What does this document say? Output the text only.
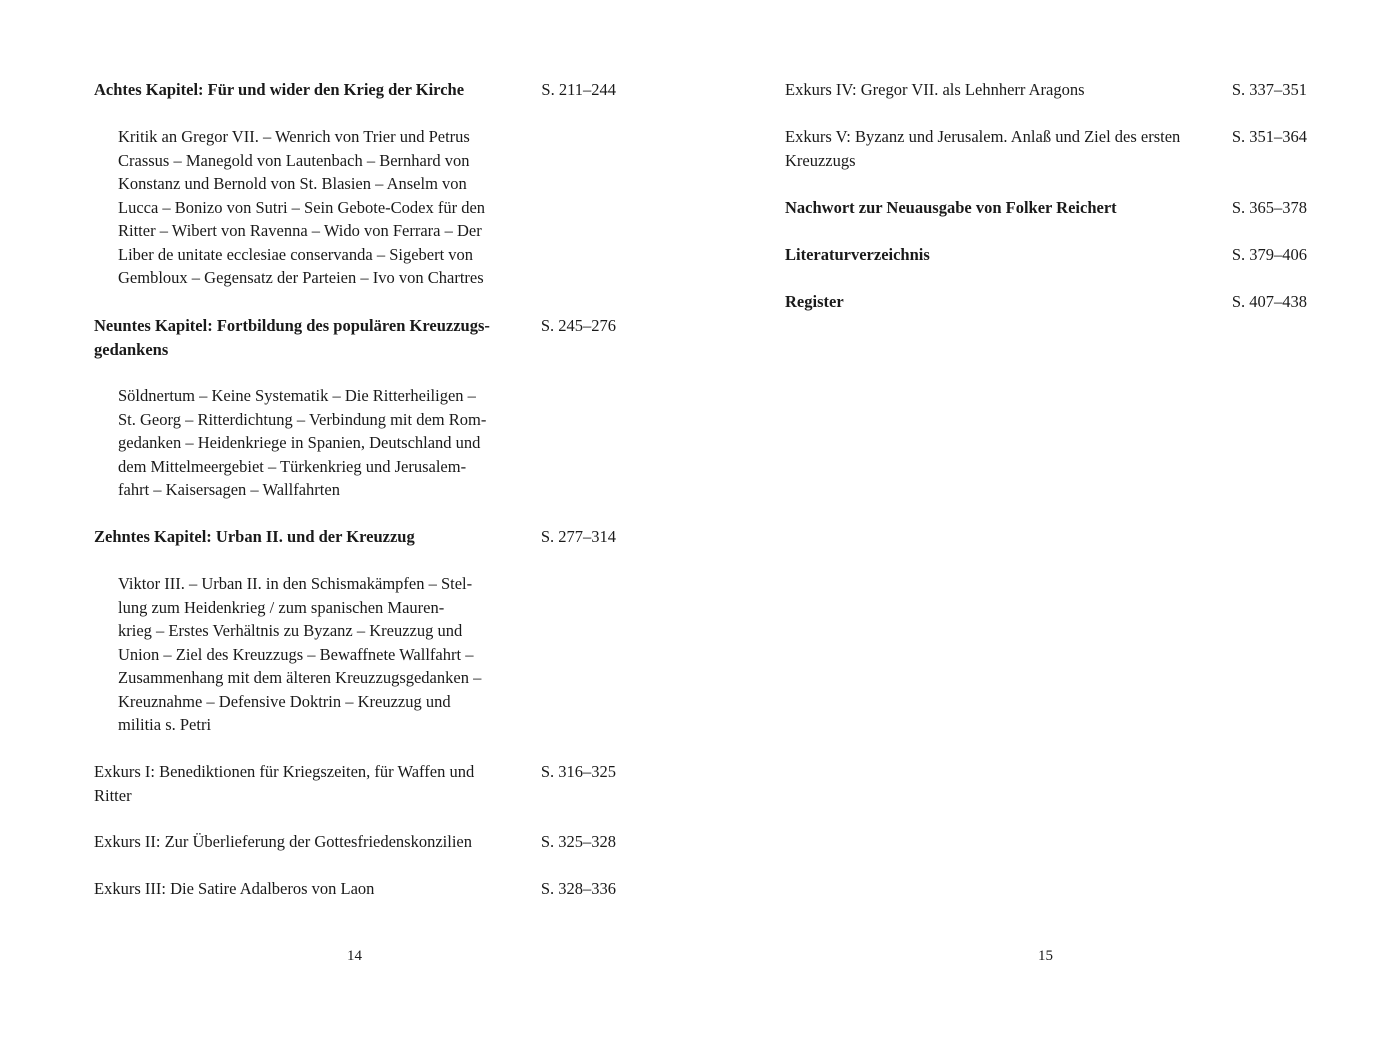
Achtes Kapitel: Für und wider den Krieg der Kirche	S. 211–244
Kritik an Gregor VII. – Wenrich von Trier und Petrus
Crassus – Manegold von Lautenbach – Bernhard von
Konstanz und Bernold von St. Blasien – Anselm von
Lucca – Bonizo von Sutri – Sein Gebote-Codex für den
Ritter – Wibert von Ravenna – Wido von Ferrara – Der
Liber de unitate ecclesiae conservanda – Sigebert von
Gembloux – Gegensatz der Parteien – Ivo von Chartres
Neuntes Kapitel: Fortbildung des populären Kreuzzugs-
gedankens
S. 245–276
Söldnertum – Keine Systematik – Die Ritterheiligen –
St. Georg – Ritterdichtung – Verbindung mit dem Rom-
gedanken – Heidenkriege in Spanien, Deutschland und
dem Mittelmeergebiet – Türkenkrieg und Jerusalem-
fahrt – Kaisersagen – Wallfahrten
Zehntes Kapitel: Urban II. und der Kreuzzug	S. 277–314
Viktor III. – Urban II. in den Schismakämpfen – Stel-
lung zum Heidenkrieg / zum spanischen Mauren-
krieg – Erstes Verhältnis zu Byzanz – Kreuzzug und
Union – Ziel des Kreuzzugs – Bewaffnete Wallfahrt –
Zusammenhang mit dem älteren Kreuzzugsgedanken –
Kreuznahme – Defensive Doktrin – Kreuzzug und
militia s. Petri
Exkurs I: Benediktionen für Kriegszeiten, für Waffen und
Ritter
S. 316–325
Exkurs II: Zur Überlieferung der Gottesfriedenskonzilien	S. 325–328
Exkurs III: Die Satire Adalberos von Laon	S. 328–336
14
Exkurs IV: Gregor VII. als Lehnherr Aragons	S. 337–351
Exkurs V: Byzanz und Jerusalem. Anlaß und Ziel des ersten
Kreuzzugs
S. 351–364
Nachwort zur Neuausgabe von Folker Reichert	S. 365–378
Literaturverzeichnis	S. 379–406
Register	S. 407–438
15
